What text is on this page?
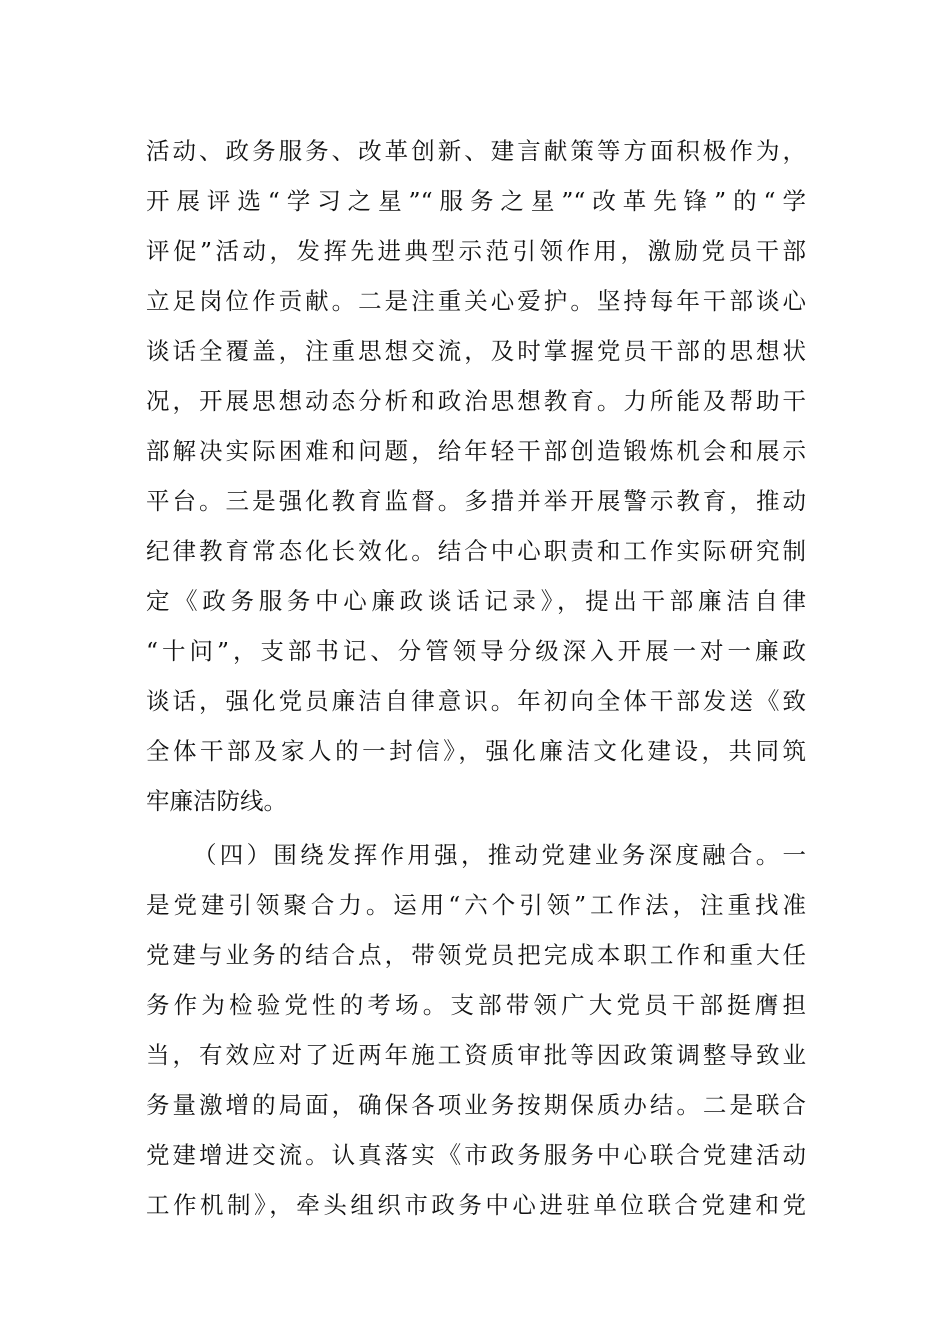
活动、政务服务、改革创新、建言献策等方面积极作为，
开展评选“学习之星”“服务之星”“改革先锋”的“学
评促”活动，发挥先进典型示范引领作用，激励党员干部
立足岗位作贡献。二是注重关心爱护。坚持每年干部谈心
谈话全覆盖，注重思想交流，及时掌握党员干部的思想状
况，开展思想动态分析和政治思想教育。力所能及帮助干
部解决实际困难和问题，给年轻干部创造锻炼机会和展示
平台。三是强化教育监督。多措并举开展警示教育，推动
纪律教育常态化长效化。结合中心职责和工作实际研究制
定《政务服务中心廉政谈话记录》，提出干部廉洁自律
“十问”，支部书记、分管领导分级深入开展一对一廉政
谈话，强化党员廉洁自律意识。年初向全体干部发送《致
全体干部及家人的一封信》，强化廉洁文化建设，共同筑
牢廉洁防线。
（四）围绕发挥作用强，推动党建业务深度融合。一
是党建引领聚合力。运用“六个引领”工作法，注重找准
党建与业务的结合点，带领党员把完成本职工作和重大任
务作为检验党性的考场。支部带领广大党员干部挺膺担
当，有效应对了近两年施工资质审批等因政策调整导致业
务量激增的局面，确保各项业务按期保质办结。二是联合
党建增进交流。认真落实《市政务服务中心联合党建活动
工作机制》，牵头组织市政务中心进驻单位联合党建和党
